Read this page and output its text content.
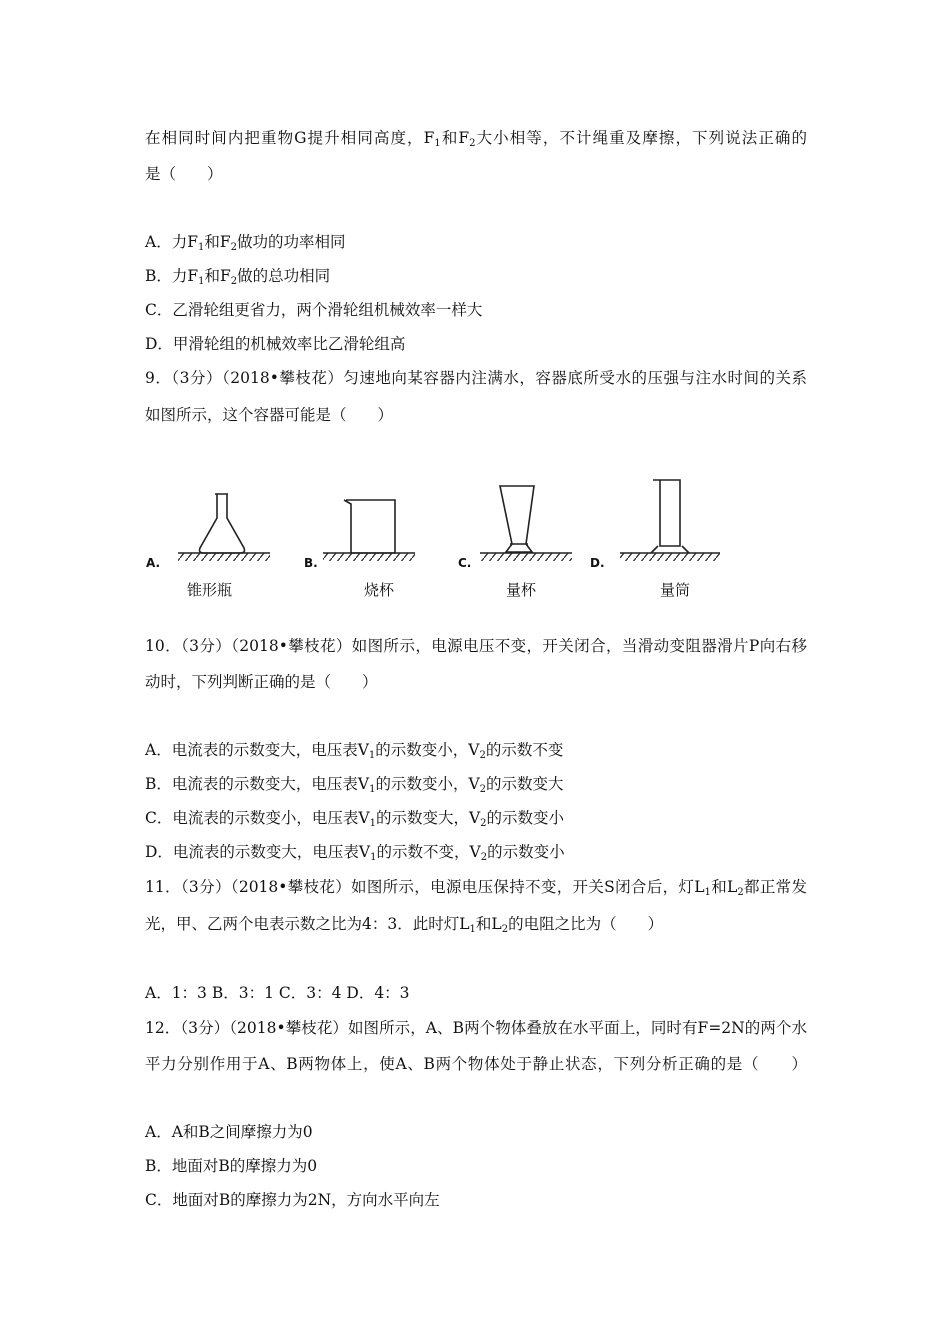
在相同时间内把重物G提升相同高度，$F_1$和$F_2$大小相等，不计绳重及摩擦，下列说法正确的
是（　　）
A．力$F_1$和$F_2$做功的功率相同
B．力$F_1$和$F_2$做的总功相同
C．乙滑轮组更省力，两个滑轮组机械效率一样大
D．甲滑轮组的机械效率比乙滑轮组高
9．（3分）（2018•攀枝花）匀速地向某容器内注满水，容器底所受水的压强与注水时间的关系
如图所示，这个容器可能是（　　）
A.	B.	C.	D.
锥形瓶	烧杯	量杯	量筒
10．（3分）（2018•攀枝花）如图所示，电源电压不变，开关闭合，当滑动变阻器滑片P向右移
动时，下列判断正确的是（　　）
A．电流表的示数变大，电压表$V_1$的示数变小，$V_2$的示数不变
B．电流表的示数变大，电压表$V_1$的示数变小，$V_2$的示数变大
C．电流表的示数变小，电压表$V_1$的示数变大，$V_2$的示数变小
D．电流表的示数变大，电压表$V_1$的示数不变，$V_2$的示数变小
11．（3分）（2018•攀枝花）如图所示，电源电压保持不变，开关S闭合后，灯$L_1$和$L_2$都正常发
光，甲、乙两个电表示数之比为4：3．此时灯$L_1$和$L_2$的电阻之比为（　　）
A．1：3 B．3：1 C．3：4 D．4：3
12．（3分）（2018•攀枝花）如图所示，A、B两个物体叠放在水平面上，同时有F=2N的两个水
平力分别作用于A、B两物体上，使A、B两个物体处于静止状态，下列分析正确的是（　　）
A．A和B之间摩擦力为0
B．地面对B的摩擦力为0
C．地面对B的摩擦力为2N，方向水平向左
